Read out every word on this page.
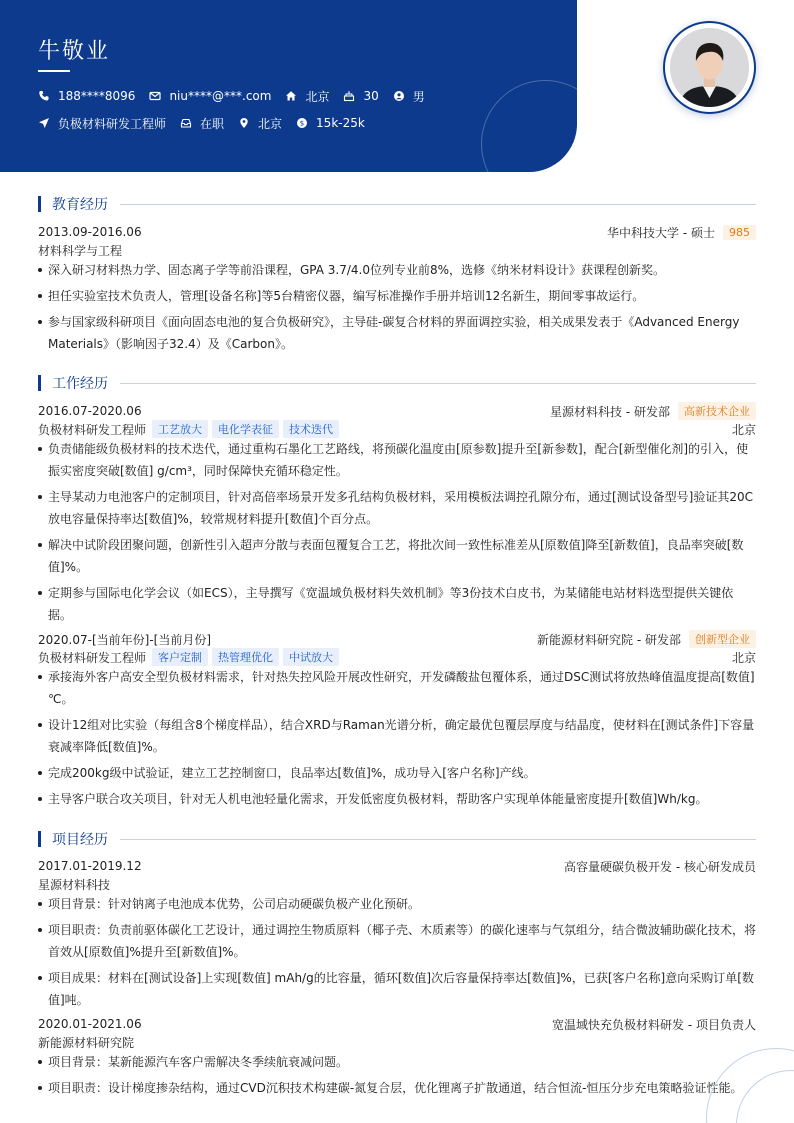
牛敬业
188****8096	niu****@***.com	北京	30	男
负极材料研发工程师	在职	北京	$ 15k-25k
教育经历
2013.09-2016.06	华中科技大学 - 硕士	985
材料科学与工程
深入研习材料热力学、固态离子学等前沿课程，GPA 3.7/4.0位列专业前8%，选修《纳米材料设计》获课程创新奖。
担任实验室技术负责人，管理[设备名称]等5台精密仪器，编写标准操作手册并培训12名新生，期间零事故运行。
参与国家级科研项目《面向固态电池的复合负极研究》，主导硅-碳复合材料的界面调控实验，相关成果发表于《Advanced Energy Materials》（影响因子32.4）及《Carbon》。
工作经历
2016.07-2020.06	星源材料科技 - 研发部	高新技术企业
负极材料研发工程师	工艺放大	电化学表征	技术迭代	北京
负责储能级负极材料的技术迭代，通过重构石墨化工艺路线，将预碳化温度由[原参数]提升至[新参数]，配合[新型催化剂]的引入，使振实密度突破[数值] g/cm³，同时保障快充循环稳定性。
主导某动力电池客户的定制项目，针对高倍率场景开发多孔结构负极材料，采用模板法调控孔隙分布，通过[测试设备型号]验证其20C放电容量保持率达[数值]%，较常规材料提升[数值]个百分点。
解决中试阶段团聚问题，创新性引入超声分散与表面包覆复合工艺，将批次间一致性标准差从[原数值]降至[新数值]，良品率突破[数值]%。
定期参与国际电化学会议（如ECS），主导撰写《宽温域负极材料失效机制》等3份技术白皮书，为某储能电站材料选型提供关键依据。
2020.07-[当前年份]-[当前月份]	新能源材料研究院 - 研发部	创新型企业
负极材料研发工程师	客户定制	热管理优化	中试放大	北京
承接海外客户高安全型负极材料需求，针对热失控风险开展改性研究，开发磷酸盐包覆体系，通过DSC测试将放热峰值温度提高[数值]℃。
设计12组对比实验（每组含8个梯度样品），结合XRD与Raman光谱分析，确定最优包覆层厚度与结晶度，使材料在[测试条件]下容量衰减率降低[数值]%。
完成200kg级中试验证，建立工艺控制窗口，良品率达[数值]%，成功导入[客户名称]产线。
主导客户联合攻关项目，针对无人机电池轻量化需求，开发低密度负极材料，帮助客户实现单体能量密度提升[数值]Wh/kg。
项目经历
2017.01-2019.12	高容量硬碳负极开发 - 核心研发成员
星源材料科技
项目背景：针对钠离子电池成本优势，公司启动硬碳负极产业化预研。
项目职责：负责前驱体碳化工艺设计，通过调控生物质原料（椰子壳、木质素等）的碳化速率与气氛组分，结合微波辅助碳化技术，将首效从[原数值]%提升至[新数值]%。
项目成果：材料在[测试设备]上实现[数值] mAh/g的比容量，循环[数值]次后容量保持率达[数值]%，已获[客户名称]意向采购订单[数值]吨。
2020.01-2021.06	宽温域快充负极材料研发 - 项目负责人
新能源材料研究院
项目背景：某新能源汽车客户需解决冬季续航衰减问题。
项目职责：设计梯度掺杂结构，通过CVD沉积技术构建碳-氮复合层，优化锂离子扩散通道，结合恒流-恒压分步充电策略验证性能。
